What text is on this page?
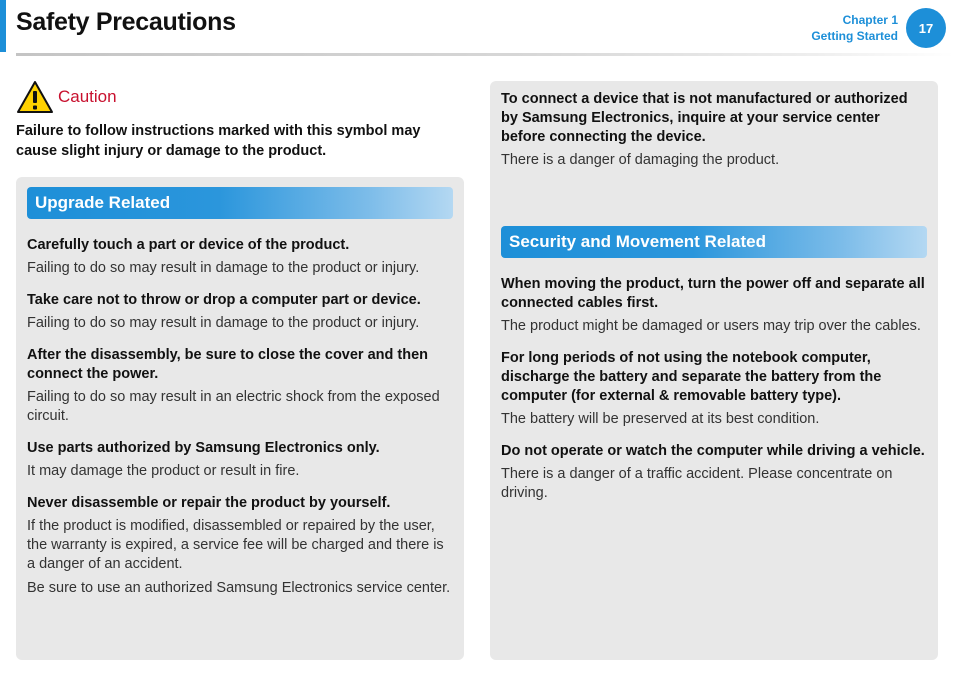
Safety Precautions	Chapter 1
Getting Started
17
Caution

Failure to follow instructions marked with this symbol may cause slight injury or damage to the product.

Upgrade Related

Carefully touch a part or device of the product.

Failing to do so may result in damage to the product or injury.

Take care not to throw or drop a computer part or device.

Failing to do so may result in damage to the product or injury.

After the disassembly, be sure to close the cover and then connect the power.

Failing to do so may result in an electric shock from the exposed circuit.

Use parts authorized by Samsung Electronics only.

It may damage the product or result in fire.

Never disassemble or repair the product by yourself.

If the product is modified, disassembled or repaired by the user, the warranty is expired, a service fee will be charged and there is a danger of an accident.

Be sure to use an authorized Samsung Electronics service center.

To connect a device that is not manufactured or authorized by Samsung Electronics, inquire at your service center before connecting the device.

There is a danger of damaging the product.

Security and Movement Related

When moving the product, turn the power off and separate all connected cables first.

The product might be damaged or users may trip over the cables.

For long periods of not using the notebook computer, discharge the battery and separate the battery from the computer (for external & removable battery type).

The battery will be preserved at its best condition.

Do not operate or watch the computer while driving a vehicle.

There is a danger of a traffic accident. Please concentrate on driving.
